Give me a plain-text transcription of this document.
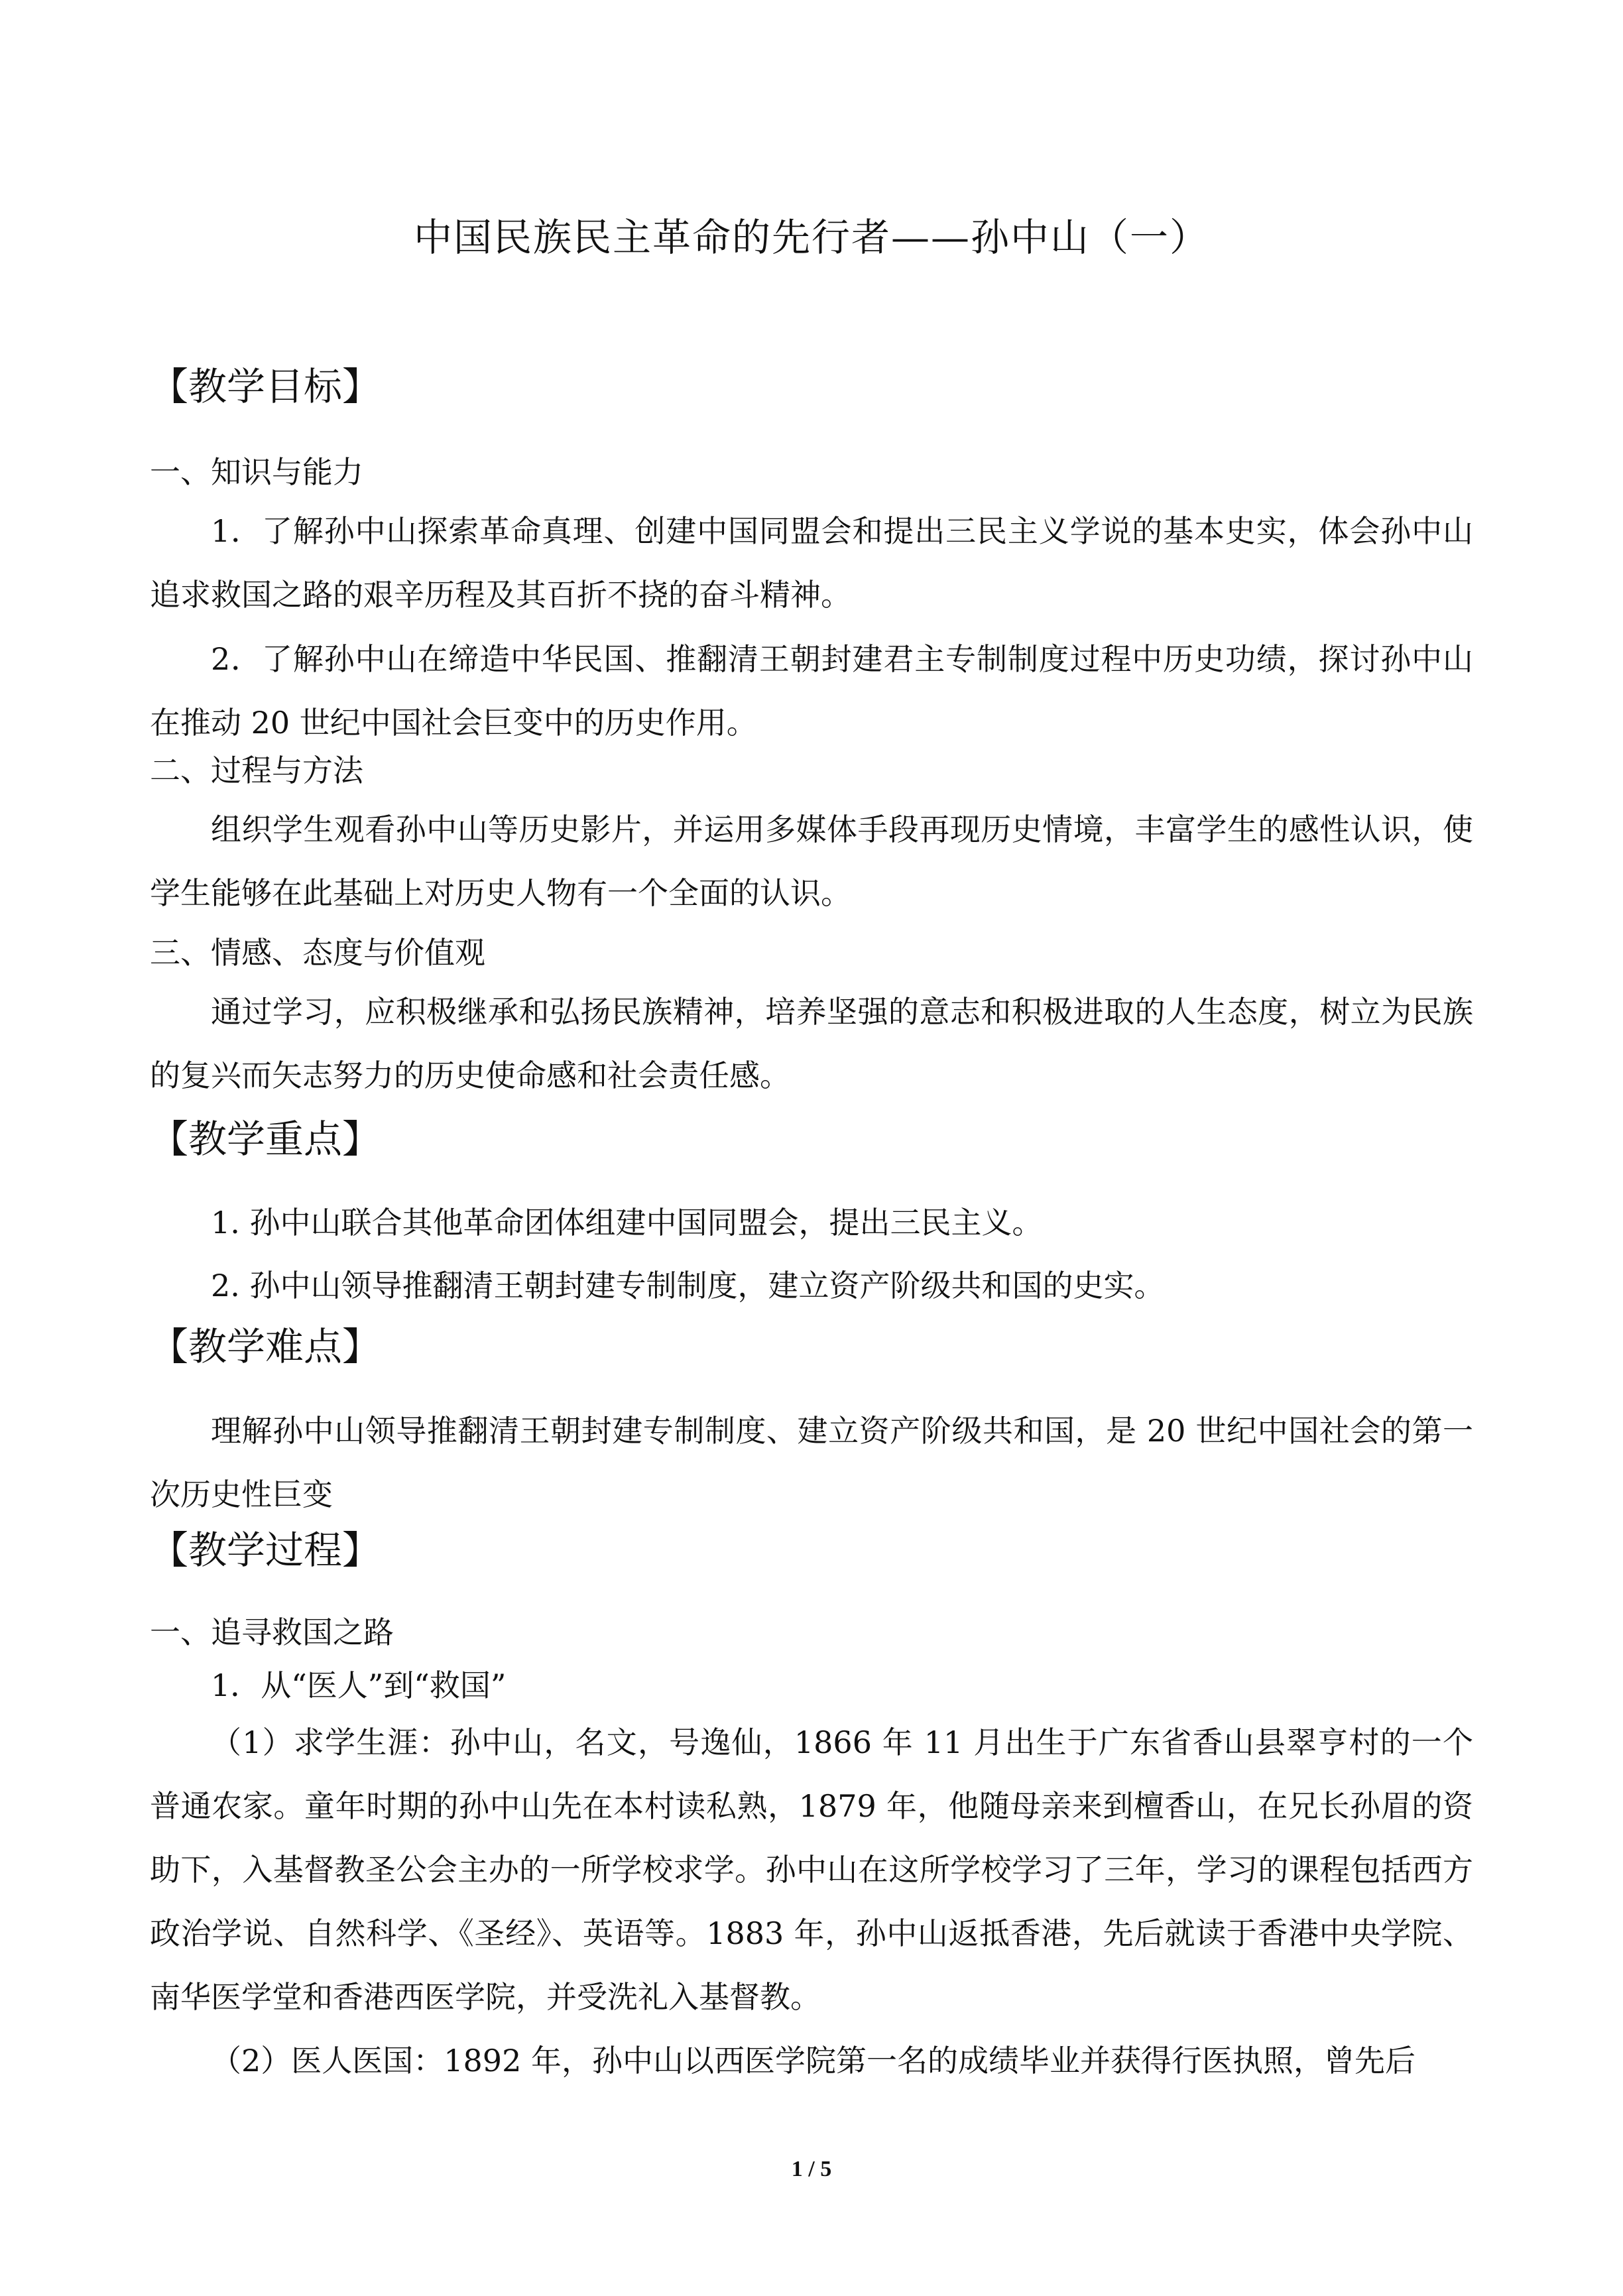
中国民族民主革命的先行者——孙中山（一）
【教学目标】
一、知识与能力
1．了解孙中山探索革命真理、创建中国同盟会和提出三民主义学说的基本史实，体会孙中山追求救国之路的艰辛历程及其百折不挠的奋斗精神。
2．了解孙中山在缔造中华民国、推翻清王朝封建君主专制制度过程中历史功绩，探讨孙中山在推动 20 世纪中国社会巨变中的历史作用。
二、过程与方法
组织学生观看孙中山等历史影片，并运用多媒体手段再现历史情境，丰富学生的感性认识，使学生能够在此基础上对历史人物有一个全面的认识。
三、情感、态度与价值观
通过学习，应积极继承和弘扬民族精神，培养坚强的意志和积极进取的人生态度，树立为民族的复兴而矢志努力的历史使命感和社会责任感。
【教学重点】
1. 孙中山联合其他革命团体组建中国同盟会，提出三民主义。
2. 孙中山领导推翻清王朝封建专制制度，建立资产阶级共和国的史实。
【教学难点】
理解孙中山领导推翻清王朝封建专制制度、建立资产阶级共和国，是 20 世纪中国社会的第一次历史性巨变
【教学过程】
一、追寻救国之路
1．从“医人”到“救国”
（1）求学生涯：孙中山，名文，号逸仙，1866 年 11 月出生于广东省香山县翠亨村的一个普通农家。童年时期的孙中山先在本村读私熟，1879 年，他随母亲来到檀香山，在兄长孙眉的资助下，入基督教圣公会主办的一所学校求学。孙中山在这所学校学习了三年，学习的课程包括西方政治学说、自然科学、《圣经》、英语等。1883 年，孙中山返抵香港，先后就读于香港中央学院、南华医学堂和香港西医学院，并受洗礼入基督教。
（2）医人医国：1892 年，孙中山以西医学院第一名的成绩毕业并获得行医执照，曾先后
1 / 5
